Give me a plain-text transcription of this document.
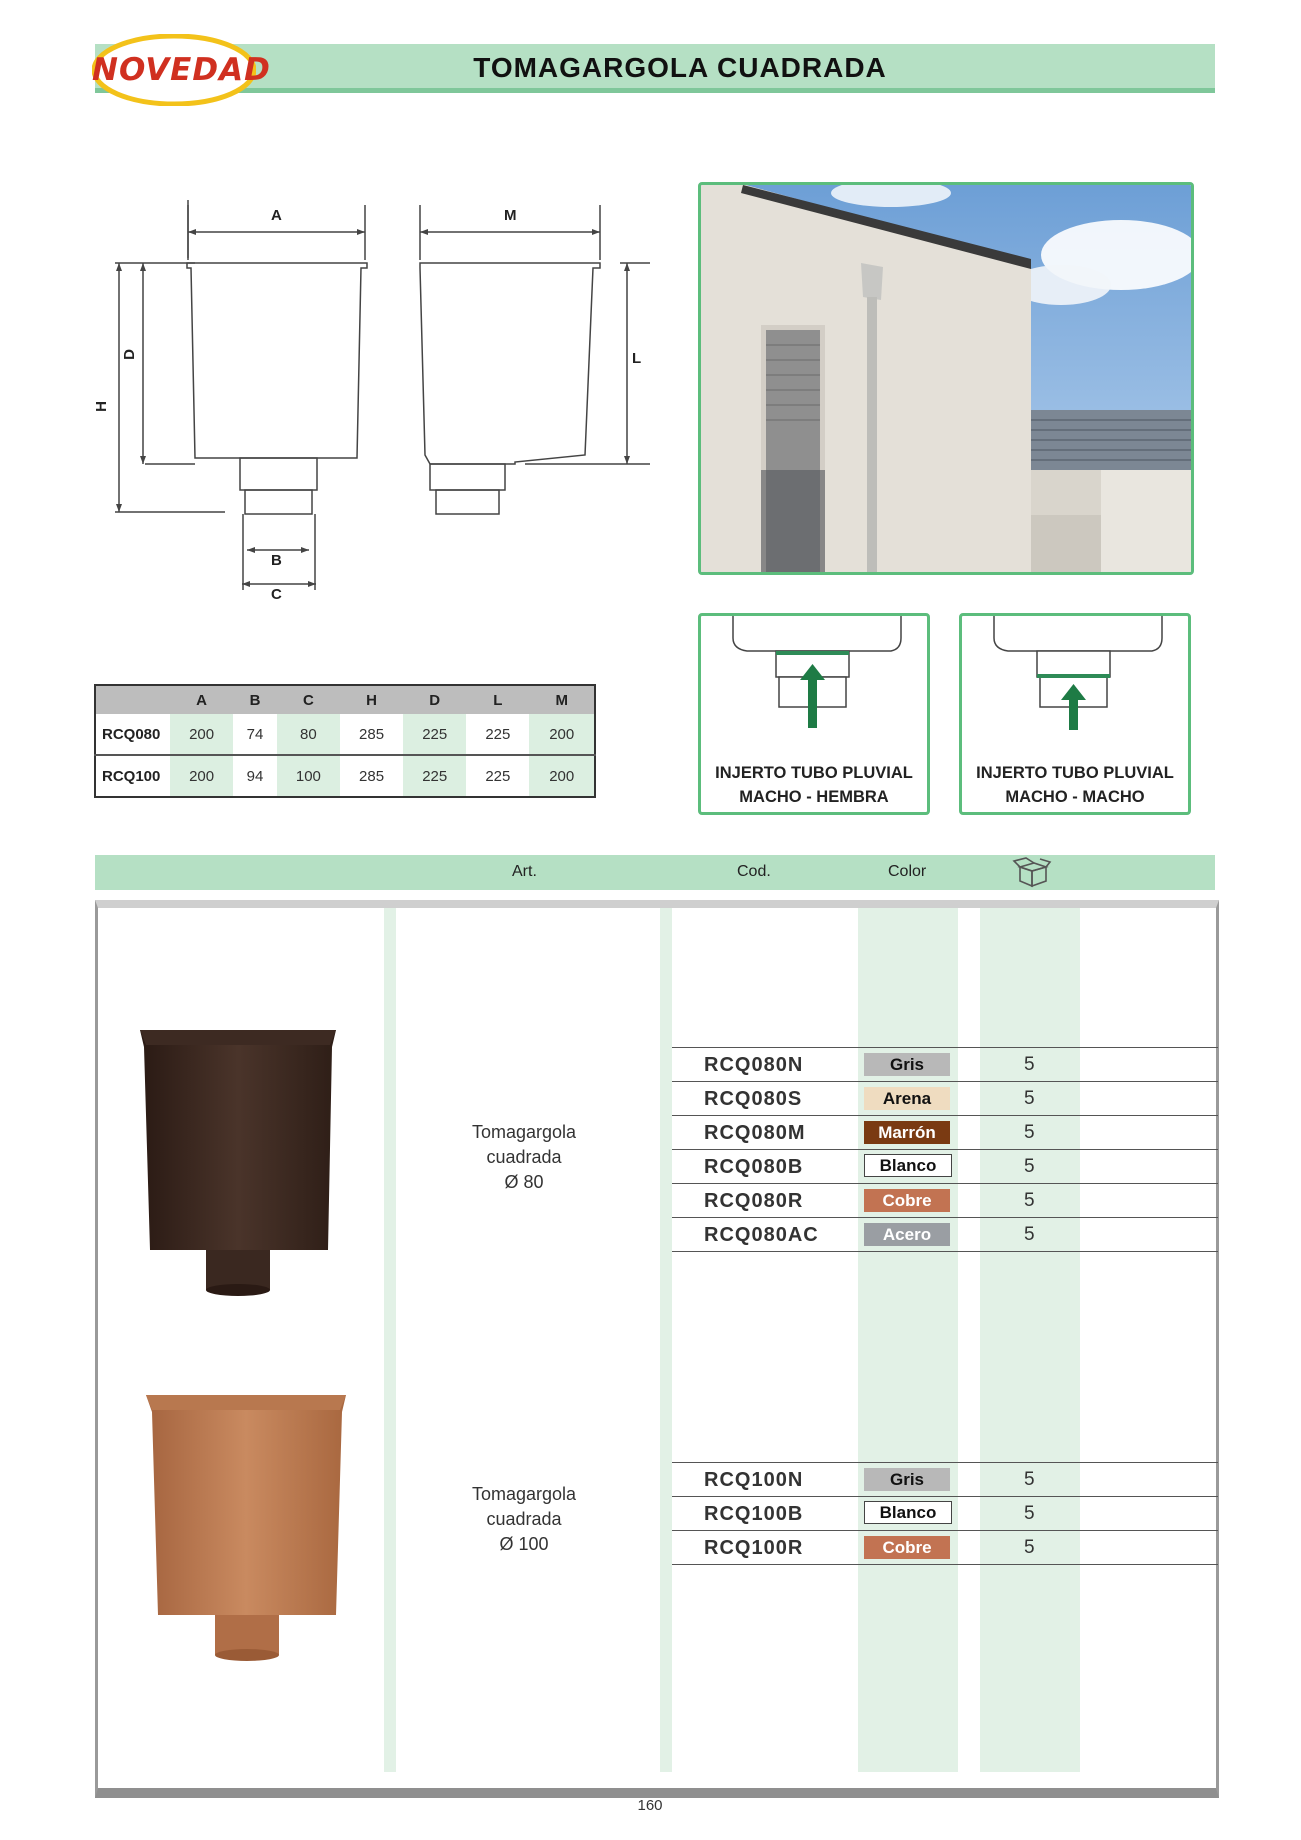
NOVEDAD	TOMAGARGOLA CUADRADA
A	M
D
H
L
B
C
INJERTO TUBO PLUVIAL
MACHO - HEMBRA
INJERTO TUBO PLUVIAL
MACHO - MACHO
	A	B	C	H	D	L	M
RCQ080	200	74	80	285	225	225	200
RCQ100	200	94	100	285	225	225	200
Art.	Cod.	Color
Tomagargola
cuadrada
Ø 80
RCQ080N	Gris	5
RCQ080S	Arena	5
RCQ080M	Marrón	5
RCQ080B	Blanco	5
RCQ080R	Cobre	5
RCQ080AC	Acero	5
Tomagargola
cuadrada
Ø 100
RCQ100N	Gris	5
RCQ100B	Blanco	5
RCQ100R	Cobre	5
160
